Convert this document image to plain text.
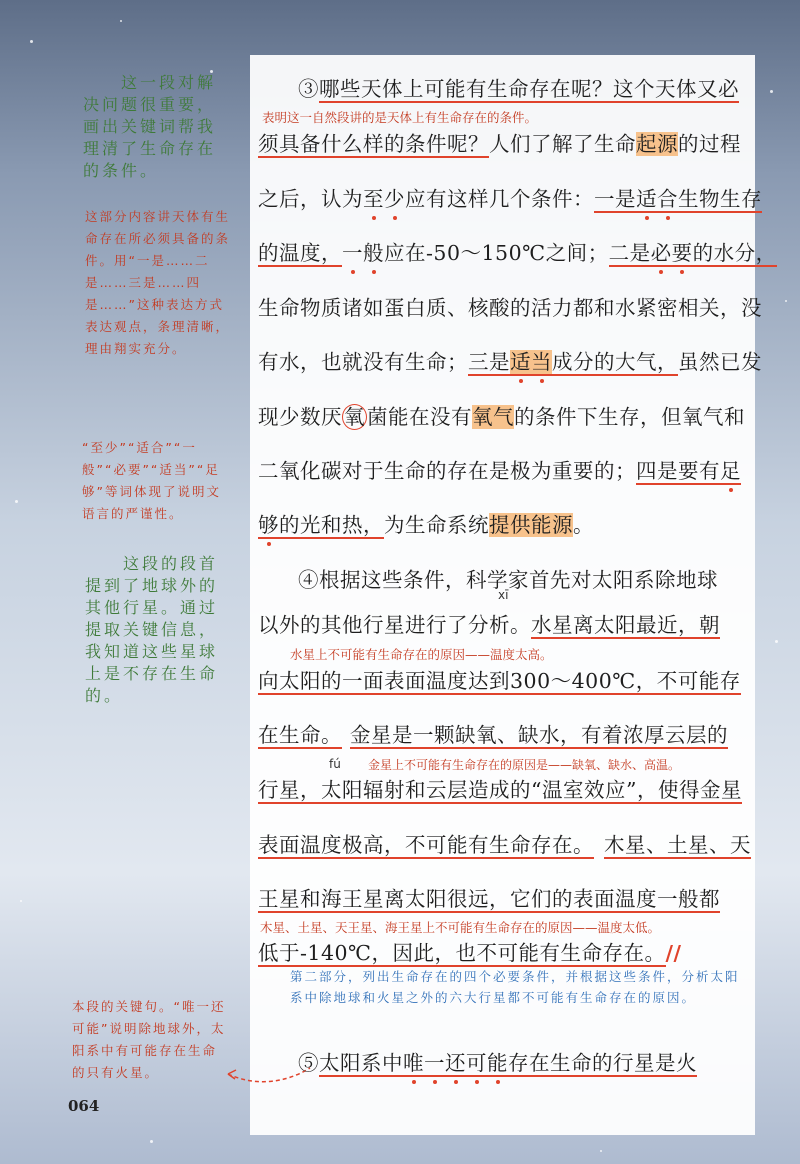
这一段对解决问题很重要，画出关键词帮我理清了生命存在的条件。
这部分内容讲天体有生命存在所必须具备的条件。用“一是……二是……三是……四是……”这种表达方式表达观点，条理清晰，理由翔实充分。
“至少”“适合”“一般”“必要”“适当”“足够”等词体现了说明文语言的严谨性。
这段的段首提到了地球外的其他行星。通过提取关键信息，我知道这些星球上是不存在生命的。
本段的关键句。“唯一还可能”说明除地球外，太阳系中有可能存在生命的只有火星。
③哪些天体上可能有生命存在呢？这个天体又必
表明这一自然段讲的是天体上有生命存在的条件。
须具备什么样的条件呢？人们了解了生命起源的过程
之后，认为至少应有这样几个条件：一是适合生物生存
的温度，一般应在-50～150℃之间；二是必要的水分，
生命物质诸如蛋白质、核酸的活力都和水紧密相关，没
有水，也就没有生命；三是适当成分的大气，虽然已发
现少数厌氧菌能在没有氧气的条件下生存，但氧气和
二氧化碳对于生命的存在是极为重要的；四是要有足
够的光和热，为生命系统提供能源。
④根据这些条件，科学家首先对太阳系除地球
xī
以外的其他行星进行了分析。水星离太阳最近，朝
水星上不可能有生命存在的原因——温度太高。
向太阳的一面表面温度达到300～400℃，不可能存
在生命。 金星是一颗缺氧、缺水，有着浓厚云层的
fú 金星上不可能有生命存在的原因是——缺氧、缺水、高温。
行星，太阳辐射和云层造成的“温室效应”，使得金星
表面温度极高，不可能有生命存在。 木星、土星、天
王星和海王星离太阳很远，它们的表面温度一般都
木星、土星、天王星、海王星上不可能有生命存在的原因——温度太低。
低于-140℃，因此，也不可能有生命存在。//
第二部分，列出生命存在的四个必要条件，并根据这些条件，分析太阳系中除地球和火星之外的六大行星都不可能有生命存在的原因。
⑤太阳系中唯一还可能存在生命的行星是火
064
